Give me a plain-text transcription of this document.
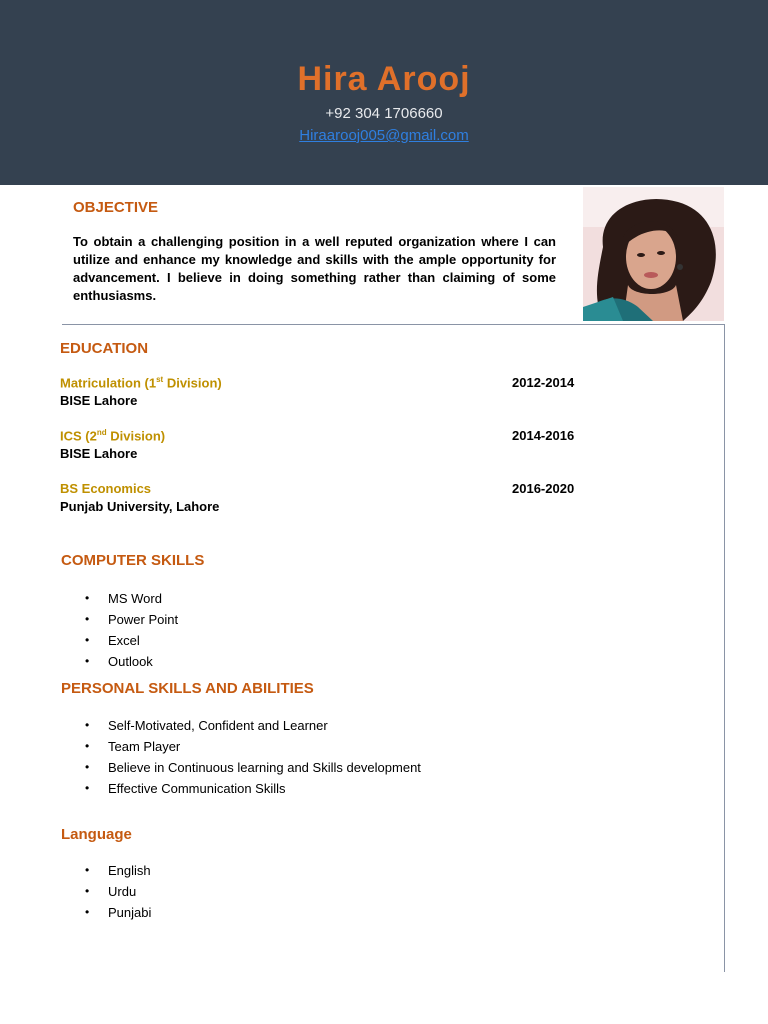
Hira Arooj
+92 304 1706660
Hiraarooj005@gmail.com
OBJECTIVE
To obtain a challenging position in a well reputed organization where I can utilize and enhance my knowledge and skills with the ample opportunity for advancement. I believe in doing something rather than claiming of some enthusiasms.
EDUCATION
Matriculation (1st Division)	2012-2014
BISE Lahore
ICS (2nd Division)	2014-2016
BISE Lahore
BS Economics	2016-2020
Punjab University, Lahore
COMPUTER SKILLS
• MS Word
• Power Point
• Excel
• Outlook
PERSONAL SKILLS AND ABILITIES
• Self-Motivated, Confident and Learner
• Team Player
• Believe in Continuous learning and Skills development
• Effective Communication Skills
Language
• English
• Urdu
• Punjabi
